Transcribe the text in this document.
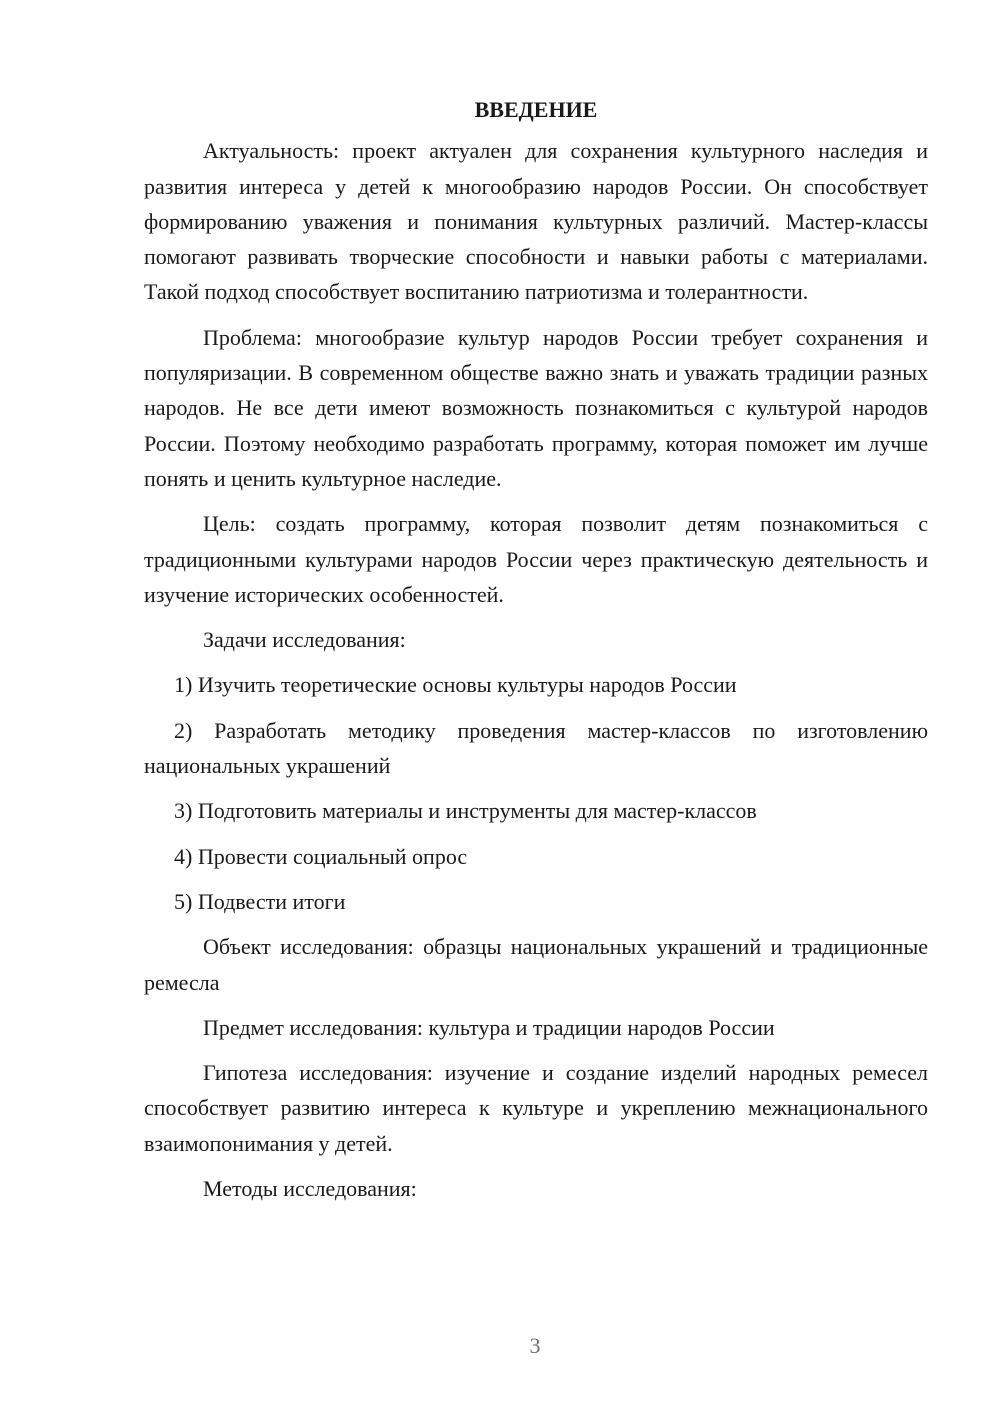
ВВЕДЕНИЕ

Актуальность: проект актуален для сохранения культурного наследия и развития интереса у детей к многообразию народов России. Он способствует формированию уважения и понимания культурных различий. Мастер-классы помогают развивать творческие способности и навыки работы с материалами. Такой подход способствует воспитанию патриотизма и толерантности.

Проблема: многообразие культур народов России требует сохранения и популяризации. В современном обществе важно знать и уважать традиции разных народов. Не все дети имеют возможность познакомиться с культурой народов России. Поэтому необходимо разработать программу, которая поможет им лучше понять и ценить культурное наследие.

Цель: создать программу, которая позволит детям познакомиться с традиционными культурами народов России через практическую деятельность и изучение исторических особенностей.

Задачи исследования:

1) Изучить теоретические основы культуры народов России

2) Разработать методику проведения мастер-классов по изготовлению национальных украшений

3) Подготовить материалы и инструменты для мастер-классов

4) Провести социальный опрос

5) Подвести итоги

Объект исследования: образцы национальных украшений и традиционные ремесла

Предмет исследования: культура и традиции народов России

Гипотеза исследования: изучение и создание изделий народных ремесел способствует развитию интереса к культуре и укреплению межнационального взаимопонимания у детей.

Методы исследования:

3
